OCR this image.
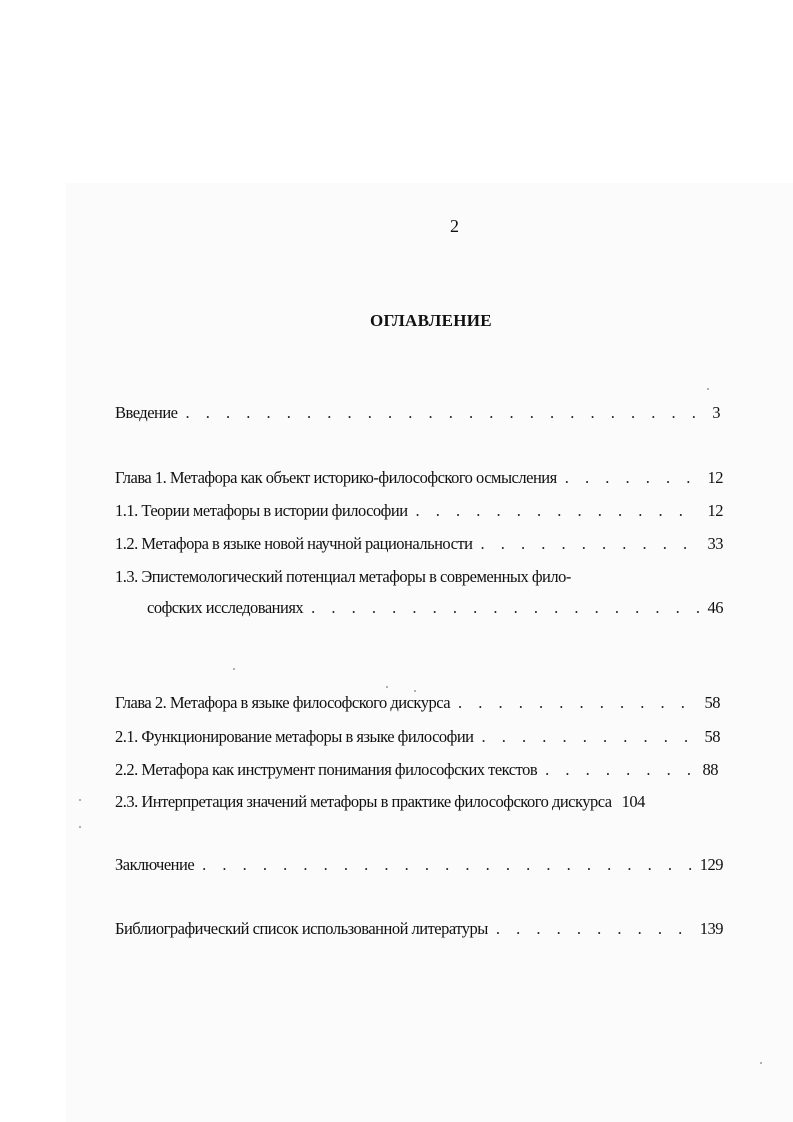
2
ОГЛАВЛЕНИЕ
Введение . . .	3
Глава 1. Метафора как объект историко-философского осмысления . . .	12
1.1. Теории метафоры в истории философии . . .	12
1.2. Метафора в языке новой научной рациональности . . .	33
1.3. Эпистемологический потенциал метафоры в современных фило-
софских исследованиях . . .	46
Глава 2. Метафора в языке философского дискурса . . .	58
2.1. Функционирование метафоры в языке философии . . .	58
2.2. Метафора как инструмент понимания философских текстов . . .	88
2.3. Интерпретация значений метафоры в практике философского дискурса 104
Заключение . . .	129
Библиографический список использованной литературы . . .	139
